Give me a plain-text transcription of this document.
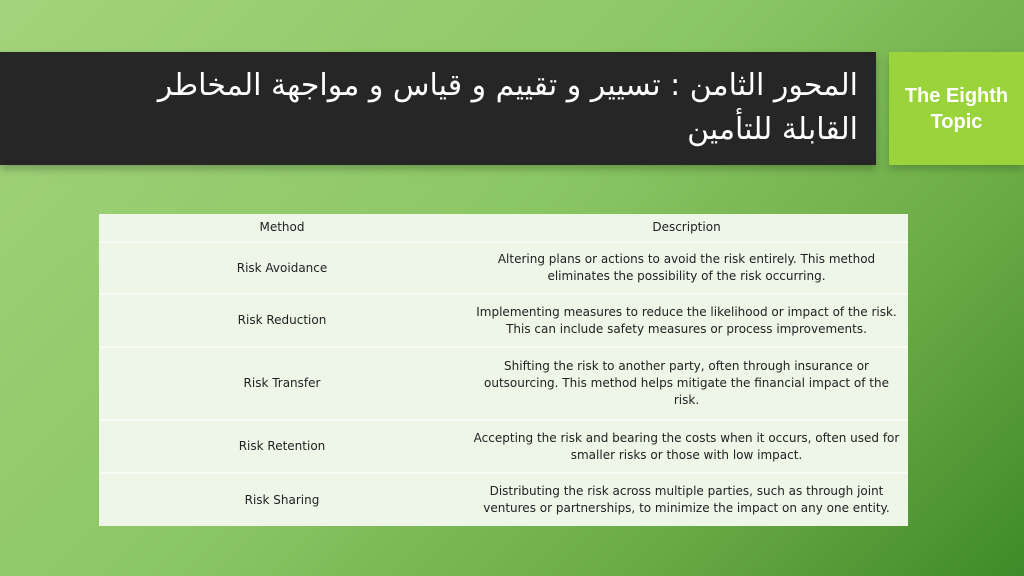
المحور الثامن : تسيير و تقييم و قياس و مواجهة المخاطر القابلة للتأمين
The Eighth Topic
Method	Description
Risk Avoidance	Altering plans or actions to avoid the risk entirely. This method eliminates the possibility of the risk occurring.
Risk Reduction	Implementing measures to reduce the likelihood or impact of the risk. This can include safety measures or process improvements.
Risk Transfer	Shifting the risk to another party, often through insurance or outsourcing. This method helps mitigate the financial impact of the risk.
Risk Retention	Accepting the risk and bearing the costs when it occurs, often used for smaller risks or those with low impact.
Risk Sharing	Distributing the risk across multiple parties, such as through joint ventures or partnerships, to minimize the impact on any one entity.
